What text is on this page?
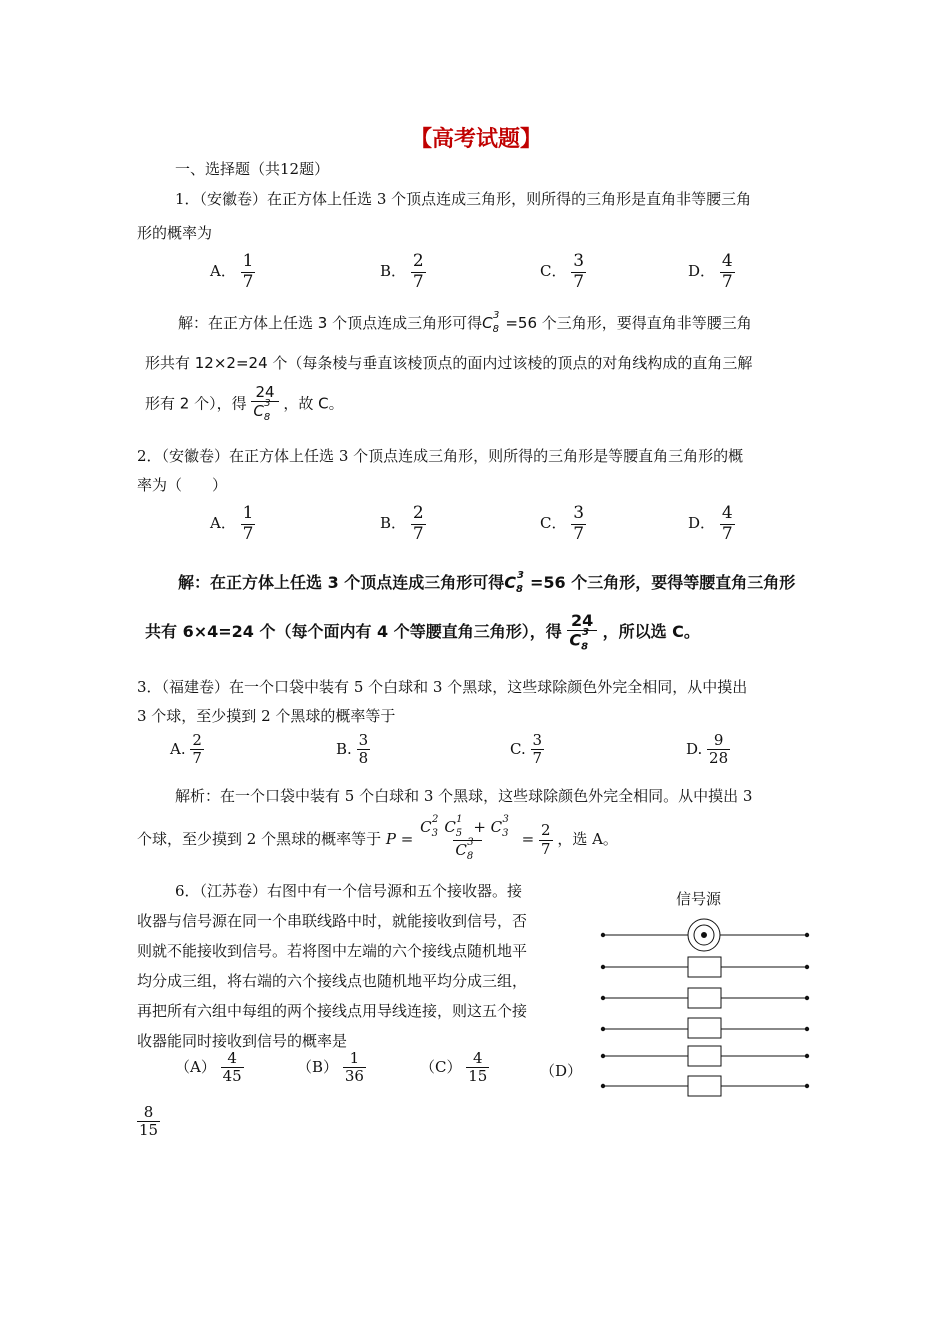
【高考试题】
一、选择题（共12题）
1．（安徽卷）在正方体上任选 3 个顶点连成三角形，则所得的三角形是直角非等腰三角
形的概率为
A． $\frac{1}{7}$	B． $\frac{2}{7}$	C． $\frac{3}{7}$	D． $\frac{4}{7}$
解：在正方体上任选 3 个顶点连成三角形可得$C_8^3 =56$ 个三角形，要得直角非等腰三角
形共有 12×2=24 个（每条棱与垂直该棱顶点的面内过该棱的顶点的对角线构成的直角三解
形有 2 个），得 $\frac{24}{C_8^3}$ ，故 C。
2．（安徽卷）在正方体上任选 3 个顶点连成三角形，则所得的三角形是等腰直角三角形的概
率为（　　）
A． $\frac{1}{7}$	B． $\frac{2}{7}$	C． $\frac{3}{7}$	D． $\frac{4}{7}$
解：在正方体上任选 3 个顶点连成三角形可得$C_8^3 =56$ 个三角形，要得等腰直角三角形
共有 6×4=24 个（每个面内有 4 个等腰直角三角形），得 $\frac{24}{C_8^3}$ ，所以选 C。
3．（福建卷）在一个口袋中装有 5 个白球和 3 个黑球，这些球除颜色外完全相同，从中摸出
3 个球，至少摸到 2 个黑球的概率等于
A. $\frac{2}{7}$	B. $\frac{3}{8}$	C. $\frac{3}{7}$	D. $\frac{9}{28}$
解析：在一个口袋中装有 5 个白球和 3 个黑球，这些球除颜色外完全相同。从中摸出 3
个球，至少摸到 2 个黑球的概率等于 $P = \frac{C_3^2 C_5^1 + C_3^3}{C_8^3} = \frac{2}{7}$ ，选 A。
6．（江苏卷）右图中有一个信号源和五个接收器。接
收器与信号源在同一个串联线路中时，就能接收到信号，否
则就不能接收到信号。若将图中左端的六个接线点随机地平
均分成三组，将右端的六个接线点也随机地平均分成三组，
再把所有六组中每组的两个接线点用导线连接，则这五个接
收器能同时接收到信号的概率是
$(A) \frac{4}{45}$	$(B) \frac{1}{36}$	$(C) \frac{4}{15}$	（D）
$\frac{8}{15}$
信号源
